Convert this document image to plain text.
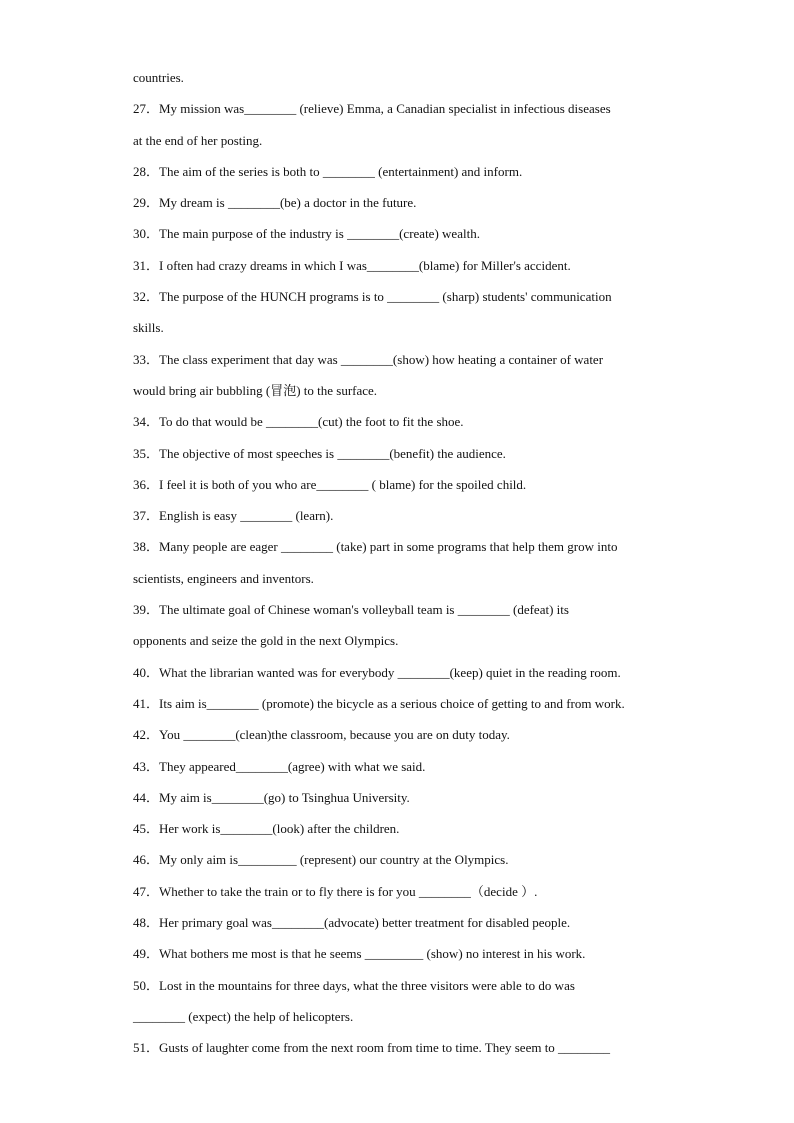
countries.
27．My mission was________ (relieve) Emma, a Canadian specialist in infectious diseases
at the end of her posting.
28．The aim of the series is both to ________ (entertainment) and inform.
29．My dream is ________(be) a doctor in the future.
30．The main purpose of the industry is ________(create) wealth.
31．I often had crazy dreams in which I was________(blame) for Miller's accident.
32．The purpose of the HUNCH programs is to ________ (sharp) students' communication
skills.
33．The class experiment that day was ________(show) how heating a container of water
would bring air bubbling (冒泡) to the surface.
34．To do that would be ________(cut) the foot to fit the shoe.
35．The objective of most speeches is ________(benefit) the audience.
36．I feel it is both of you who are________ ( blame) for the spoiled child.
37．English is easy ________ (learn).
38．Many people are eager ________ (take) part in some programs that help them grow into
scientists, engineers and inventors.
39．The ultimate goal of Chinese woman's volleyball team is ________ (defeat) its
opponents and seize the gold in the next Olympics.
40．What the librarian wanted was for everybody ________(keep) quiet in the reading room.
41．Its aim is________ (promote) the bicycle as a serious choice of getting to and from work.
42．You ________(clean)the classroom, because you are on duty today.
43．They appeared________(agree) with what we said.
44．My aim is________(go) to Tsinghua University.
45．Her work is________(look) after the children.
46．My only aim is_________ (represent) our country at the Olympics.
47．Whether to take the train or to fly there is for you ________（decide ）.
48．Her primary goal was________(advocate) better treatment for disabled people.
49．What bothers me most is that he seems _________ (show) no interest in his work.
50．Lost in the mountains for three days, what the three visitors were able to do was
________ (expect) the help of helicopters.
51．Gusts of laughter come from the next room from time to time. They seem to ________
